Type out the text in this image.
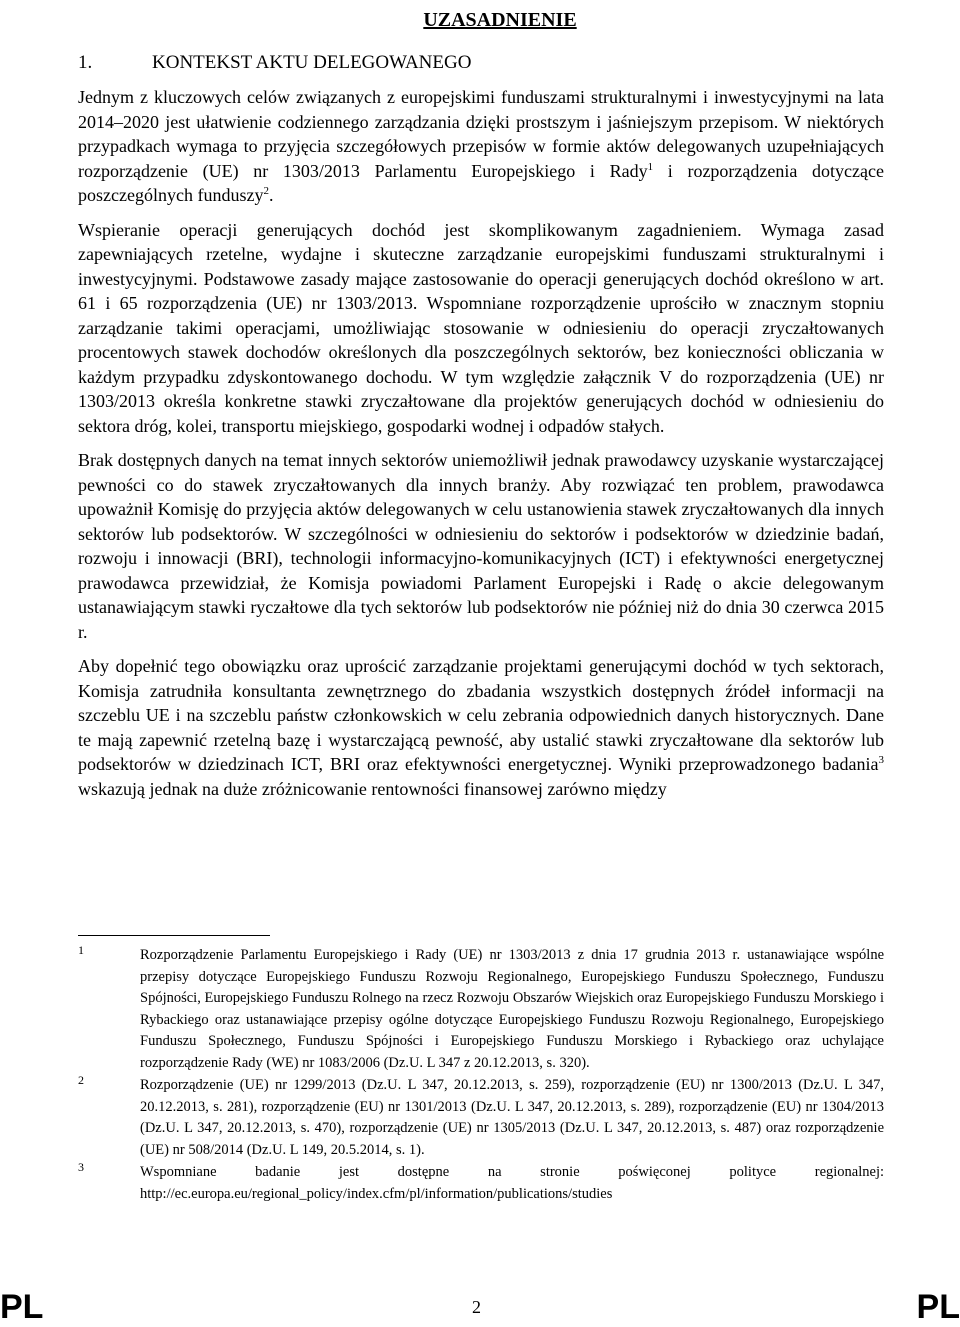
UZASADNIENIE
1.	KONTEKST AKTU DELEGOWANEGO

Jednym z kluczowych celów związanych z europejskimi funduszami strukturalnymi i inwestycyjnymi na lata 2014–2020 jest ułatwienie codziennego zarządzania dzięki prostszym i jaśniejszym przepisom. W niektórych przypadkach wymaga to przyjęcia szczegółowych przepisów w formie aktów delegowanych uzupełniających rozporządzenie (UE) nr 1303/2013 Parlamentu Europejskiego i Rady$^1$ i rozporządzenia dotyczące poszczególnych funduszy$^2$.

Wspieranie operacji generujących dochód jest skomplikowanym zagadnieniem. Wymaga zasad zapewniających rzetelne, wydajne i skuteczne zarządzanie europejskimi funduszami strukturalnymi i inwestycyjnymi. Podstawowe zasady mające zastosowanie do operacji generujących dochód określono w art. 61 i 65 rozporządzenia (UE) nr 1303/2013. Wspomniane rozporządzenie uprościło w znacznym stopniu zarządzanie takimi operacjami, umożliwiając stosowanie w odniesieniu do operacji zryczałtowanych procentowych stawek dochodów określonych dla poszczególnych sektorów, bez konieczności obliczania w każdym przypadku zdyskontowanego dochodu. W tym względzie załącznik V do rozporządzenia (UE) nr 1303/2013 określa konkretne stawki zryczałtowane dla projektów generujących dochód w odniesieniu do sektora dróg, kolei, transportu miejskiego, gospodarki wodnej i odpadów stałych.

Brak dostępnych danych na temat innych sektorów uniemożliwił jednak prawodawcy uzyskanie wystarczającej pewności co do stawek zryczałtowanych dla innych branży. Aby rozwiązać ten problem, prawodawca upoważnił Komisję do przyjęcia aktów delegowanych w celu ustanowienia stawek zryczałtowanych dla innych sektorów lub podsektorów. W szczególności w odniesieniu do sektorów i podsektorów w dziedzinie badań, rozwoju i innowacji (BRI), technologii informacyjno-komunikacyjnych (ICT) i efektywności energetycznej prawodawca przewidział, że Komisja powiadomi Parlament Europejski i Radę o akcie delegowanym ustanawiającym stawki ryczałtowe dla tych sektorów lub podsektorów nie później niż do dnia 30 czerwca 2015 r.

Aby dopełnić tego obowiązku oraz uprościć zarządzanie projektami generującymi dochód w tych sektorach, Komisja zatrudniła konsultanta zewnętrznego do zbadania wszystkich dostępnych źródeł informacji na szczeblu UE i na szczeblu państw członkowskich w celu zebrania odpowiednich danych historycznych. Dane te mają zapewnić rzetelną bazę i wystarczającą pewność, aby ustalić stawki zryczałtowane dla sektorów lub podsektorów w dziedzinach ICT, BRI oraz efektywności energetycznej. Wyniki przeprowadzonego badania$^3$ wskazują jednak na duże zróżnicowanie rentowności finansowej zarówno między

1	Rozporządzenie Parlamentu Europejskiego i Rady (UE) nr 1303/2013 z dnia 17 grudnia 2013 r. ustanawiające wspólne przepisy dotyczące Europejskiego Funduszu Rozwoju Regionalnego, Europejskiego Funduszu Społecznego, Funduszu Spójności, Europejskiego Funduszu Rolnego na rzecz Rozwoju Obszarów Wiejskich oraz Europejskiego Funduszu Morskiego i Rybackiego oraz ustanawiające przepisy ogólne dotyczące Europejskiego Funduszu Rozwoju Regionalnego, Europejskiego Funduszu Społecznego, Funduszu Spójności i Europejskiego Funduszu Morskiego i Rybackiego oraz uchylające rozporządzenie Rady (WE) nr 1083/2006 (Dz.U. L 347 z 20.12.2013, s. 320).
2	Rozporządzenie (UE) nr 1299/2013 (Dz.U. L 347, 20.12.2013, s. 259), rozporządzenie (EU) nr 1300/2013 (Dz.U. L 347, 20.12.2013, s. 281), rozporządzenie (EU) nr 1301/2013 (Dz.U. L 347, 20.12.2013, s. 289), rozporządzenie (EU) nr 1304/2013 (Dz.U. L 347, 20.12.2013, s. 470), rozporządzenie (UE) nr 1305/2013 (Dz.U. L 347, 20.12.2013, s. 487) oraz rozporządzenie (UE) nr 508/2014 (Dz.U. L 149, 20.5.2014, s. 1).
3	Wspomniane badanie jest dostępne na stronie poświęconej polityce regionalnej: http://ec.europa.eu/regional_policy/index.cfm/pl/information/publications/studies
PL	2	PL
